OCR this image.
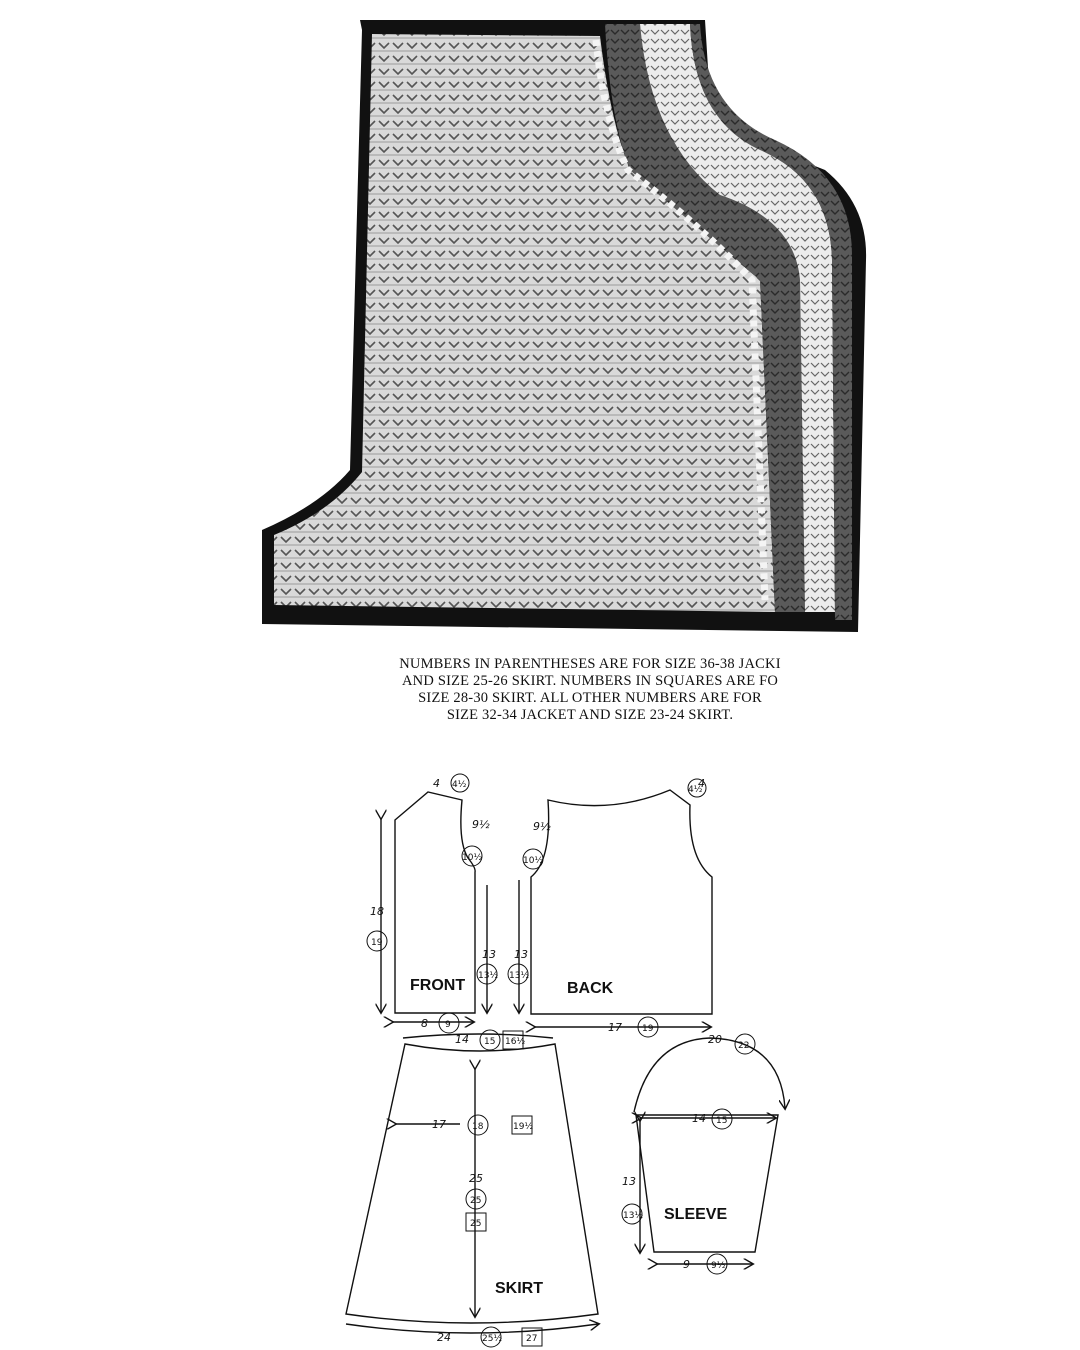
NUMBERS IN PARENTHESES ARE FOR SIZE 36-38 JACKI
AND SIZE 25-26 SKIRT. NUMBERS IN SQUARES ARE FO
SIZE 28-30 SKIRT. ALL OTHER NUMBERS ARE FOR
SIZE 32-34 JACKET AND SIZE 23-24 SKIRT.
FRONT
4 4½
9½
10½
18
19
13
13½
8 9
BACK
4
4½
9½
10½
13
13½
17 19
SKIRT
14 15 16½
17	18	19½
25
25
25
24	25½	27
SLEEVE
20 22
14 15
13
13½
9 9½
